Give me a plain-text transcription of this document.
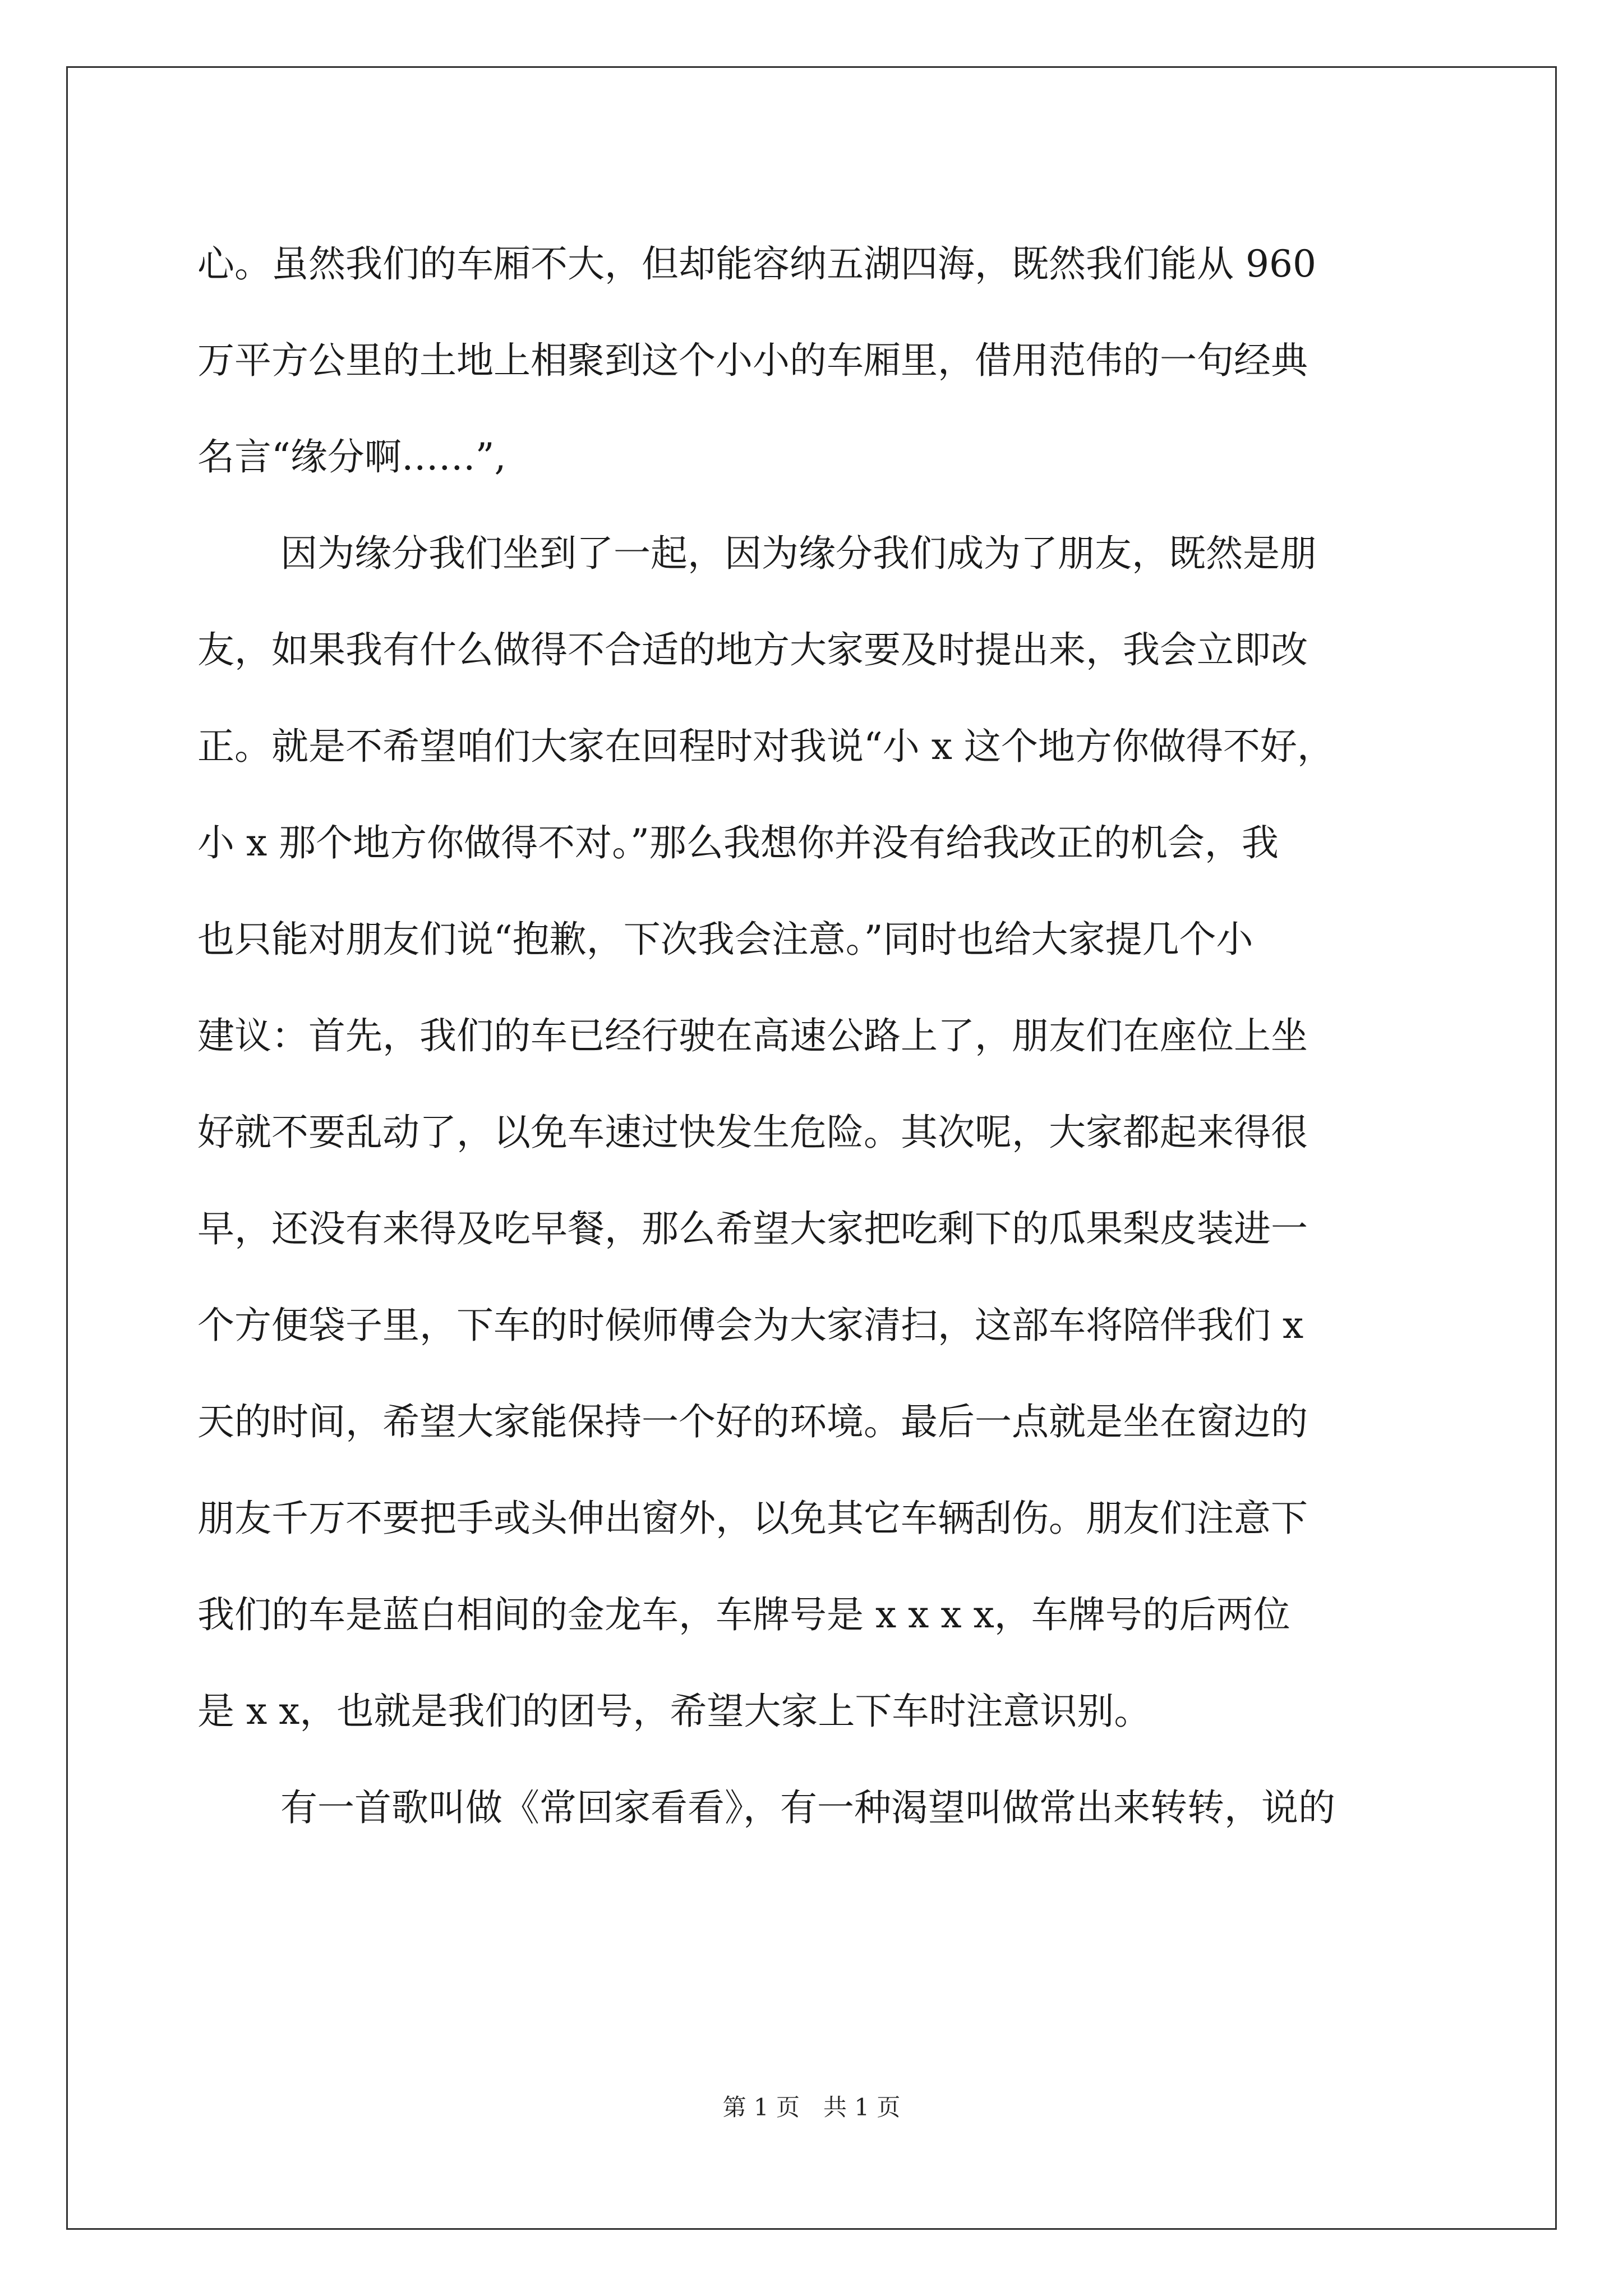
心。虽然我们的车厢不大，但却能容纳五湖四海，既然我们能从 960
万平方公里的土地上相聚到这个小小的车厢里，借用范伟的一句经典
名言“缘分啊……”,
因为缘分我们坐到了一起，因为缘分我们成为了朋友，既然是朋
友，如果我有什么做得不合适的地方大家要及时提出来，我会立即改
正。就是不希望咱们大家在回程时对我说“小 x 这个地方你做得不好，
小 x 那个地方你做得不对。”那么我想你并没有给我改正的机会，我
也只能对朋友们说“抱歉，下次我会注意。”同时也给大家提几个小
建议：首先，我们的车已经行驶在高速公路上了，朋友们在座位上坐
好就不要乱动了，以免车速过快发生危险。其次呢，大家都起来得很
早，还没有来得及吃早餐，那么希望大家把吃剩下的瓜果梨皮装进一
个方便袋子里，下车的时候师傅会为大家清扫，这部车将陪伴我们 x
天的时间，希望大家能保持一个好的环境。最后一点就是坐在窗边的
朋友千万不要把手或头伸出窗外，以免其它车辆刮伤。朋友们注意下
我们的车是蓝白相间的金龙车，车牌号是 x x x x，车牌号的后两位
是 x x，也就是我们的团号，希望大家上下车时注意识别。
有一首歌叫做《常回家看看》，有一种渴望叫做常出来转转，说的
第 1 页　共 1 页
